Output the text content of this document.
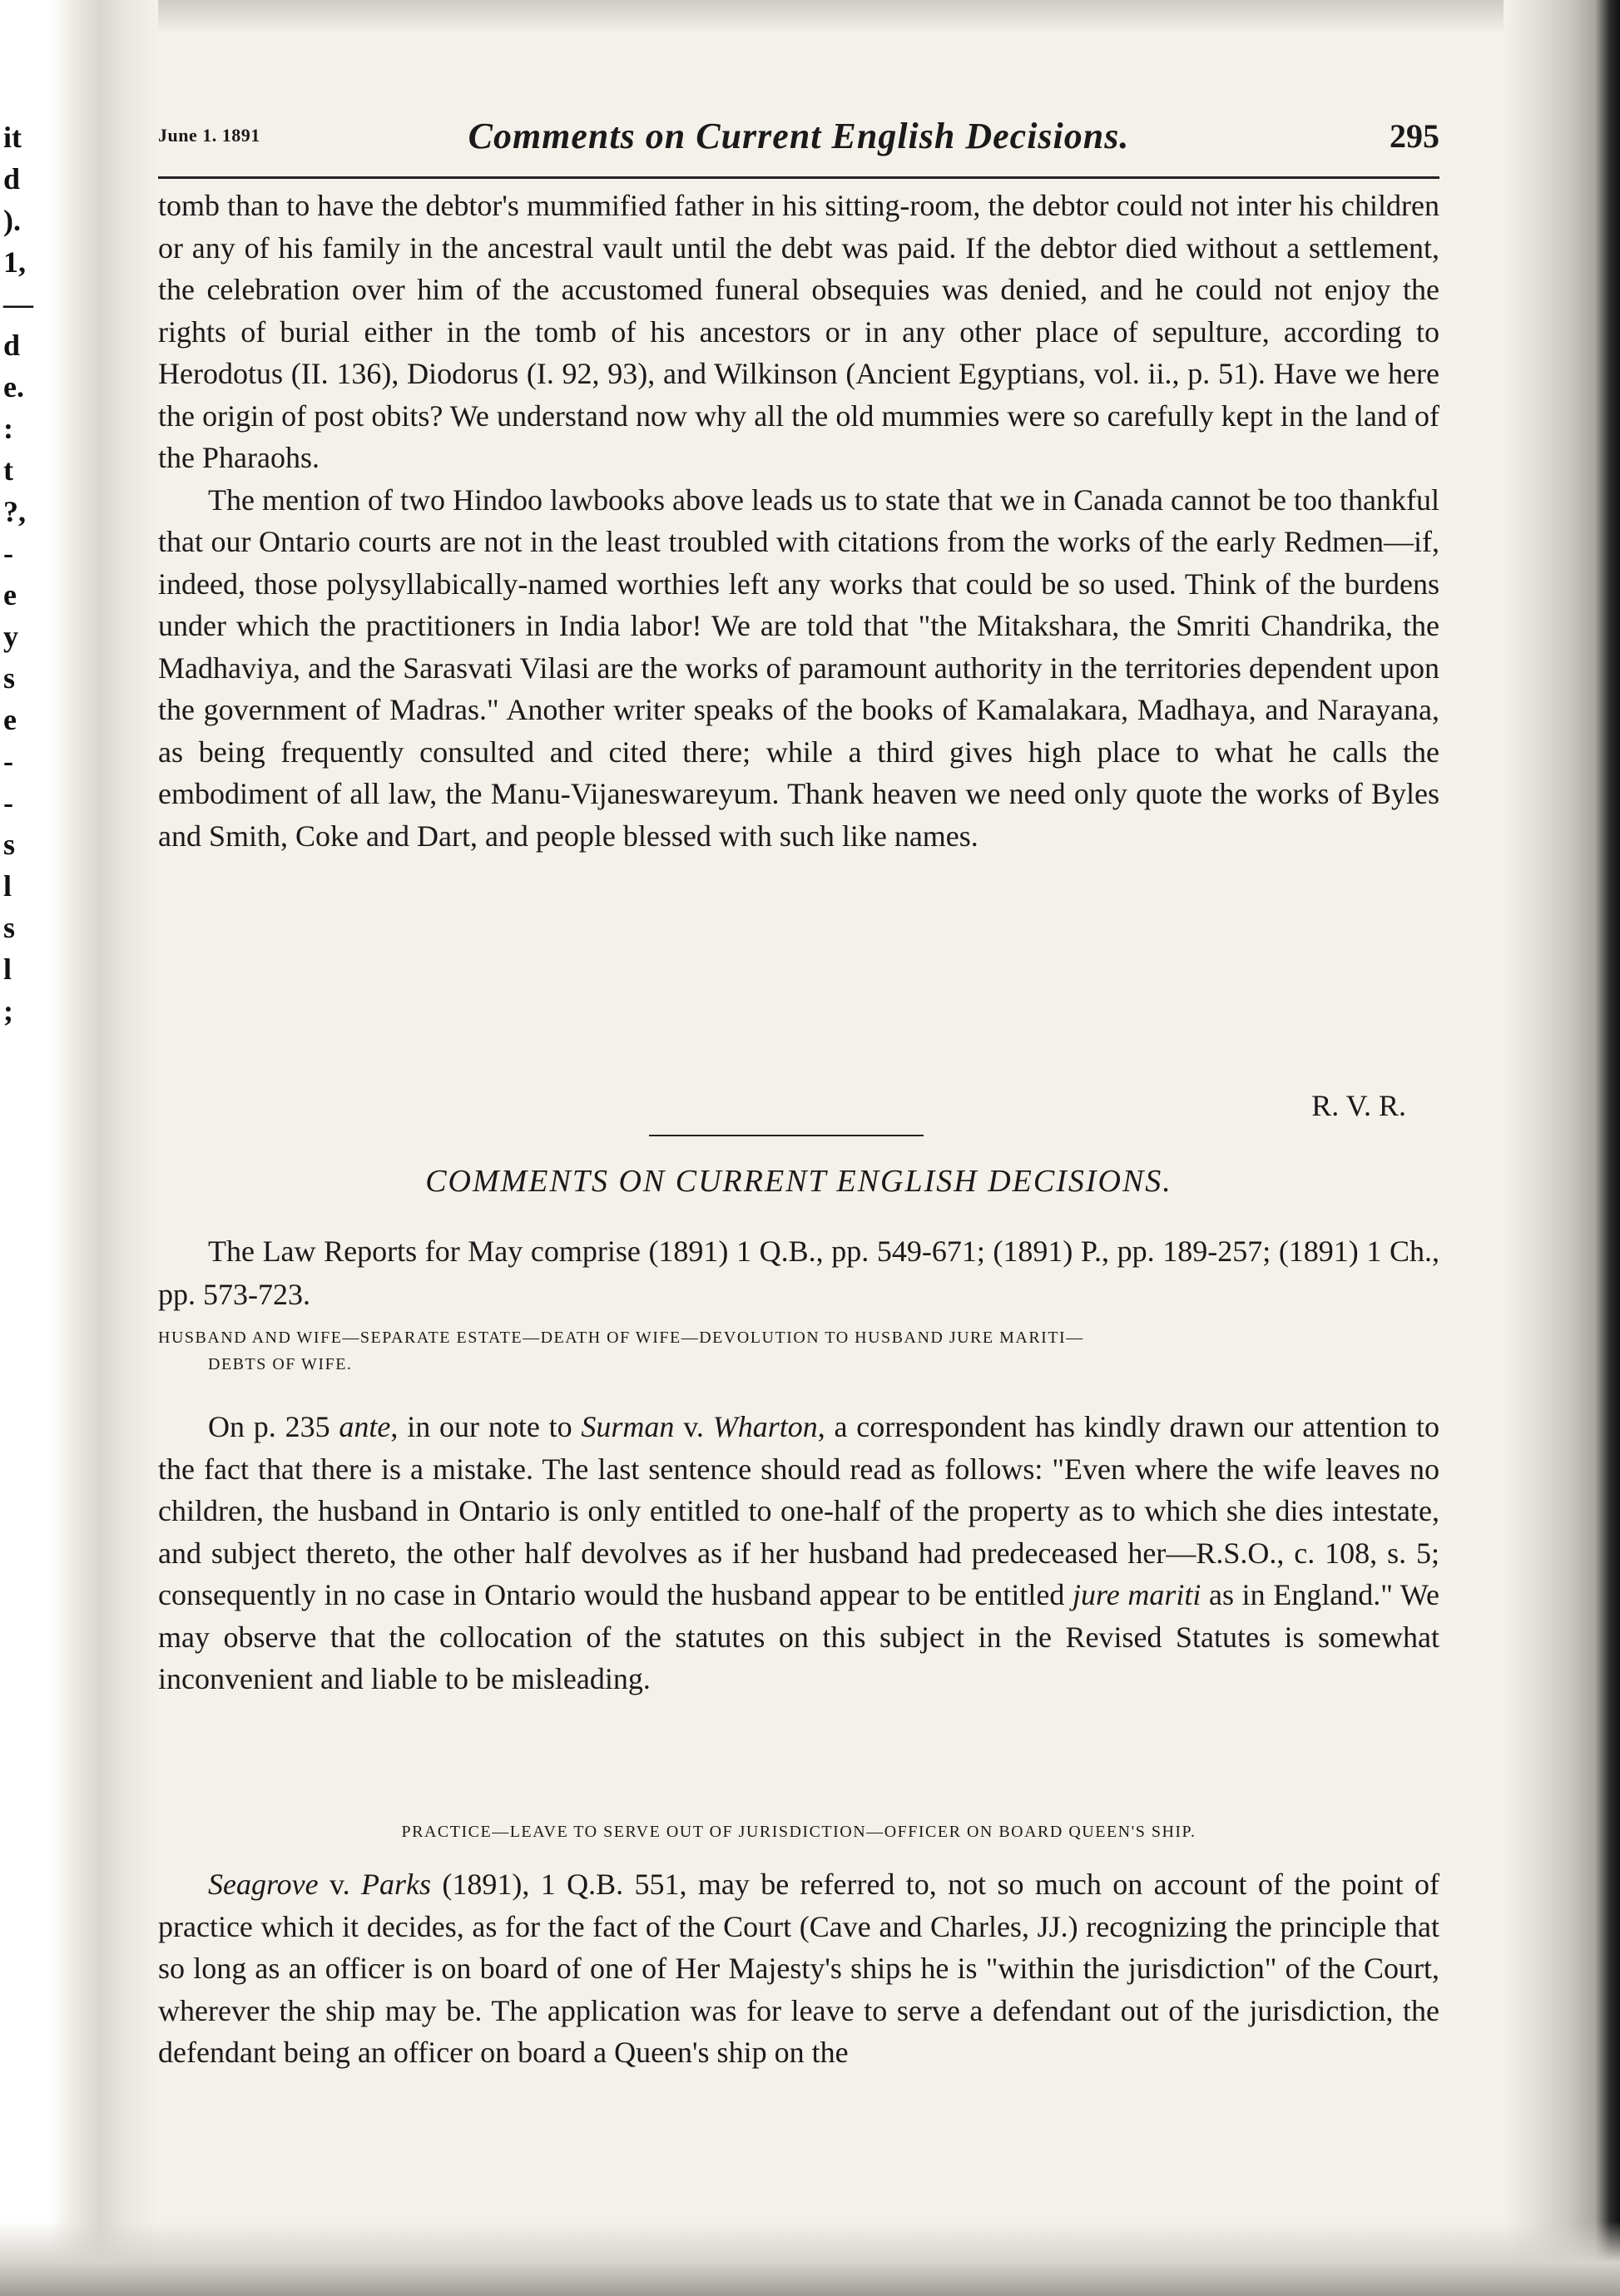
it
d
).
1,
—
d
e.
:
t
?,
-
e
y
s
e
-
-
s
l
s
l
;
June 1. 1891	Comments on Current English Decisions.	295

tomb than to have the debtor's mummified father in his sitting-room, the debtor could not inter his children or any of his family in the ancestral vault until the debt was paid. If the debtor died without a settlement, the celebration over him of the accustomed funeral obsequies was denied, and he could not enjoy the rights of burial either in the tomb of his ancestors or in any other place of sepulture, according to Herodotus (II. 136), Diodorus (I. 92, 93), and Wilkinson (Ancient Egyptians, vol. ii., p. 51). Have we here the origin of post obits? We understand now why all the old mummies were so carefully kept in the land of the Pharaohs.

The mention of two Hindoo lawbooks above leads us to state that we in Canada cannot be too thankful that our Ontario courts are not in the least troubled with citations from the works of the early Redmen—if, indeed, those polysyllabically-named worthies left any works that could be so used. Think of the burdens under which the practitioners in India labor! We are told that "the Mitakshara, the Smriti Chandrika, the Madhaviya, and the Sarasvati Vilasi are the works of paramount authority in the territories dependent upon the government of Madras." Another writer speaks of the books of Kamalakara, Madhaya, and Narayana, as being frequently consulted and cited there; while a third gives high place to what he calls the embodiment of all law, the Manu-Vijaneswareyum. Thank heaven we need only quote the works of Byles and Smith, Coke and Dart, and people blessed with such like names.

R. V. R.
COMMENTS ON CURRENT ENGLISH DECISIONS.
The Law Reports for May comprise (1891) 1 Q.B., pp. 549-671; (1891) P., pp. 189-257; (1891) 1 Ch., pp. 573-723.
HUSBAND AND WIFE—SEPARATE ESTATE—DEATH OF WIFE—DEVOLUTION TO HUSBAND JURE MARITI—
DEBTS OF WIFE.
On p. 235 ante, in our note to Surman v. Wharton, a correspondent has kindly drawn our attention to the fact that there is a mistake. The last sentence should read as follows: "Even where the wife leaves no children, the husband in Ontario is only entitled to one-half of the property as to which she dies intestate, and subject thereto, the other half devolves as if her husband had predeceased her—R.S.O., c. 108, s. 5; consequently in no case in Ontario would the husband appear to be entitled jure mariti as in England." We may observe that the collocation of the statutes on this subject in the Revised Statutes is somewhat inconvenient and liable to be misleading.
PRACTICE—LEAVE TO SERVE OUT OF JURISDICTION—OFFICER ON BOARD QUEEN'S SHIP.
Seagrove v. Parks (1891), 1 Q.B. 551, may be referred to, not so much on account of the point of practice which it decides, as for the fact of the Court (Cave and Charles, JJ.) recognizing the principle that so long as an officer is on board of one of Her Majesty's ships he is "within the jurisdiction" of the Court, wherever the ship may be. The application was for leave to serve a defendant out of the jurisdiction, the defendant being an officer on board a Queen's ship on the
